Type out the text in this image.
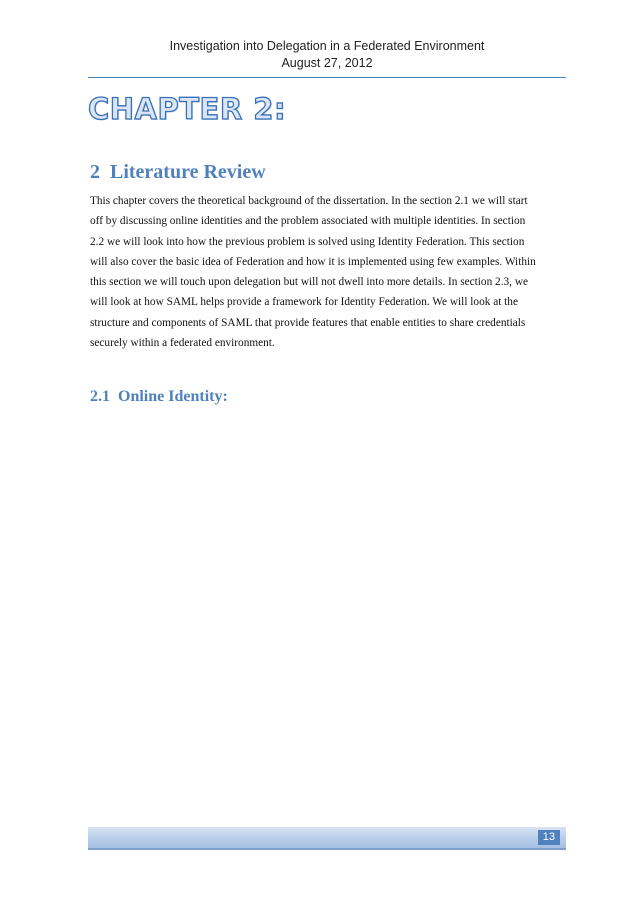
Investigation into Delegation in a Federated Environment
August 27, 2012
CHAPTER 2:
2 Literature Review
This chapter covers the theoretical background of the dissertation. In the section 2.1 we will start
off by discussing online identities and the problem associated with multiple identities. In section
2.2 we will look into how the previous problem is solved using Identity Federation. This section
will also cover the basic idea of Federation and how it is implemented using few examples. Within
this section we will touch upon delegation but will not dwell into more details. In section 2.3, we
will look at how SAML helps provide a framework for Identity Federation. We will look at the
structure and components of SAML that provide features that enable entities to share credentials
securely within a federated environment.
2.1 Online Identity:
13
